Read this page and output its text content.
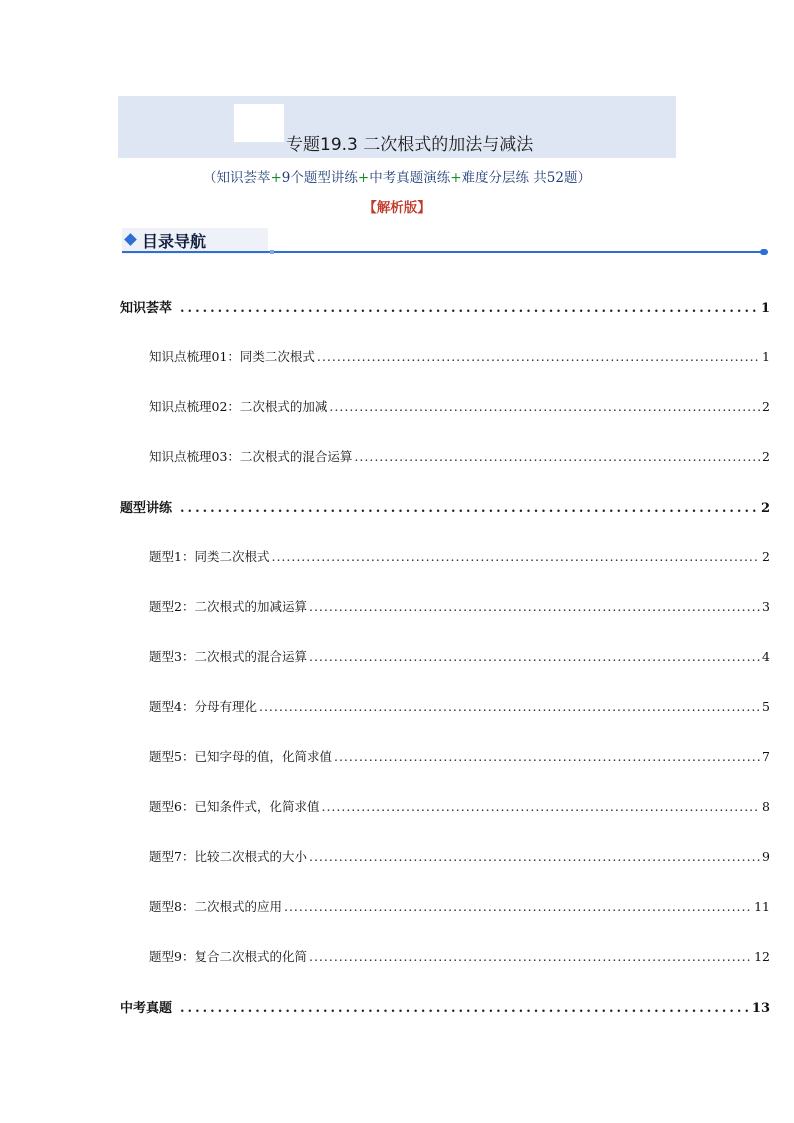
专题19.3 二次根式的加法与减法
（知识荟萃+9个题型讲练+中考真题演练+难度分层练 共52题）
【解析版】
目录导航
知识荟萃 .....	1
知识点梳理01：同类二次根式 .....	1
知识点梳理02：二次根式的加减 .....	2
知识点梳理03：二次根式的混合运算 .....	2
题型讲练 .....	2
题型1：同类二次根式 .....	2
题型2：二次根式的加减运算 .....	3
题型3：二次根式的混合运算 .....	4
题型4：分母有理化 .....	5
题型5：已知字母的值，化简求值 .....	7
题型6：已知条件式，化简求值 .....	8
题型7：比较二次根式的大小 .....	9
题型8：二次根式的应用 .....	11
题型9：复合二次根式的化简 .....	12
中考真题 .....	13
